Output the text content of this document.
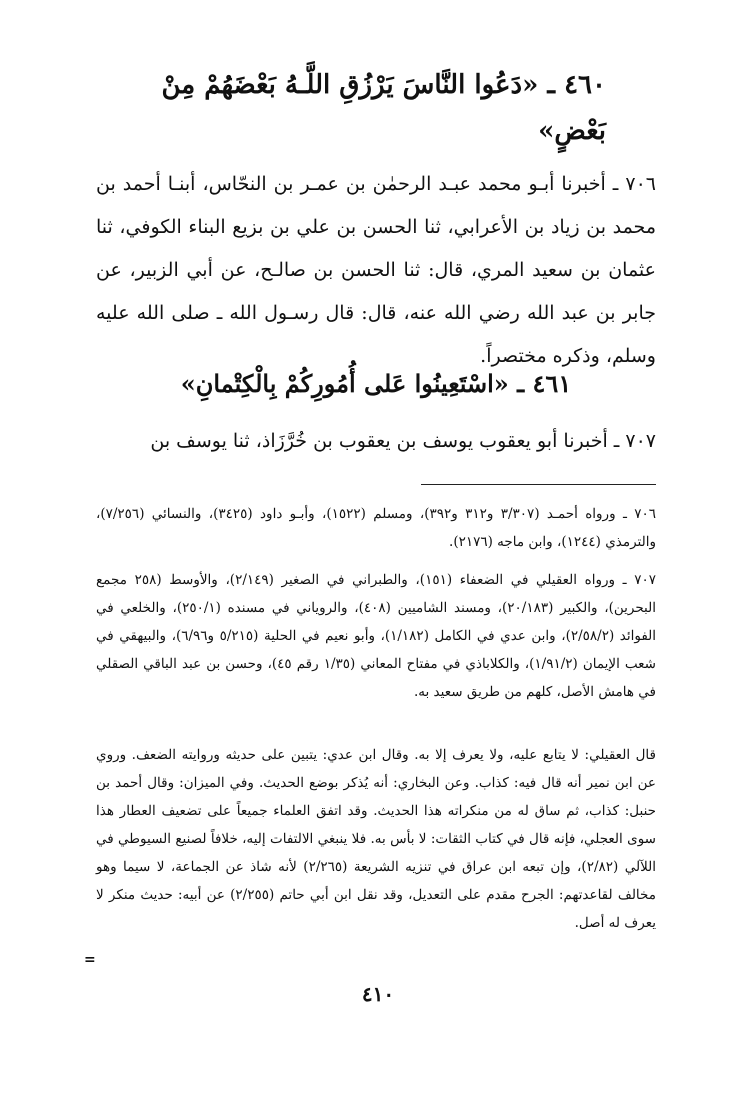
٤٦٠ ـ «دَعُوا النَّاسَ يَرْزُقِ اللَّـهُ بَعْضَهُمْ مِنْ بَعْضٍ»
٧٠٦ ـ أخبرنا أبـو محمد عبـد الرحمٰن بن عمـر بن النحّاس، أبنـا أحمد بن محمد بن زياد بن الأعرابي، ثنا الحسن بن علي بن بزيع البناء الكوفي، ثنا عثمان بن سعيد المري، قال: ثنا الحسن بن صالـح، عن أبي الزبير، عن جابر بن عبد الله رضي الله عنه، قال: قال رسـول الله ـ صلى الله عليه وسلم، وذكره مختصراً.
٤٦١ ـ «اسْتَعِينُوا عَلى أُمُورِكُمْ بِالْكِتْمانِ»
٧٠٧ ـ أخبرنا أبو يعقوب يوسف بن يعقوب بن خُرَّزَاذ، ثنا يوسف بن
٧٠٦ ـ ورواه أحمـد (٣/٣٠٧ و٣١٢ و٣٩٢)، ومسلم (١٥٢٢)، وأبـو داود (٣٤٢٥)، والنسائي (٧/٢٥٦)، والترمذي (١٢٤٤)، وابن ماجه (٢١٧٦).
٧٠٧ ـ ورواه العقيلي في الضعفاء (١٥١)، والطبراني في الصغير (٢/١٤٩)، والأوسط (٢٥٨ مجمع البحرين)، والكبير (٢٠/١٨٣)، ومسند الشاميين (٤٠٨)، والروياني في مسنده (٢٥٠/١)، والخلعي في الفوائد (٢/٥٨/٢)، وابن عدي في الكامل (١/١٨٢)، وأبو نعيم في الحلية (٥/٢١٥ و٦/٩٦)، والبيهقي في شعب الإيمان (١/٩١/٢)، والكلاباذي في مفتاح المعاني (١/٣٥ رقم ٤٥)، وحسن بن عبد الباقي الصقلي في هامش الأصل، كلهم من طريق سعيد به.
قال العقيلي: لا يتابع عليه، ولا يعرف إلا به. وقال ابن عدي: يتبين على حديثه وروايته الضعف. وروي عن ابن نمير أنه قال فيه: كذاب. وعن البخاري: أنه يُذكر بوضع الحديث. وفي الميزان: وقال أحمد بن حنبل: كذاب، ثم ساق له من منكراته هذا الحديث. وقد اتفق العلماء جميعاً على تضعيف العطار هذا سوى العجلي، فإنه قال في كتاب الثقات: لا بأس به. فلا ينبغي الالتفات إليه، خلافاً لصنيع السيوطي في اللآلي (٢/٨٢)، وإن تبعه ابن عراق في تنزيه الشريعة (٢/٢٦٥) لأنه شاذ عن الجماعة، لا سيما وهو مخالف لقاعدتهم: الجرح مقدم على التعديل، وقد نقل ابن أبي حاتم (٢/٢٥٥) عن أبيه: حديث منكر لا يعرف له أصل.
=
٤١٠
